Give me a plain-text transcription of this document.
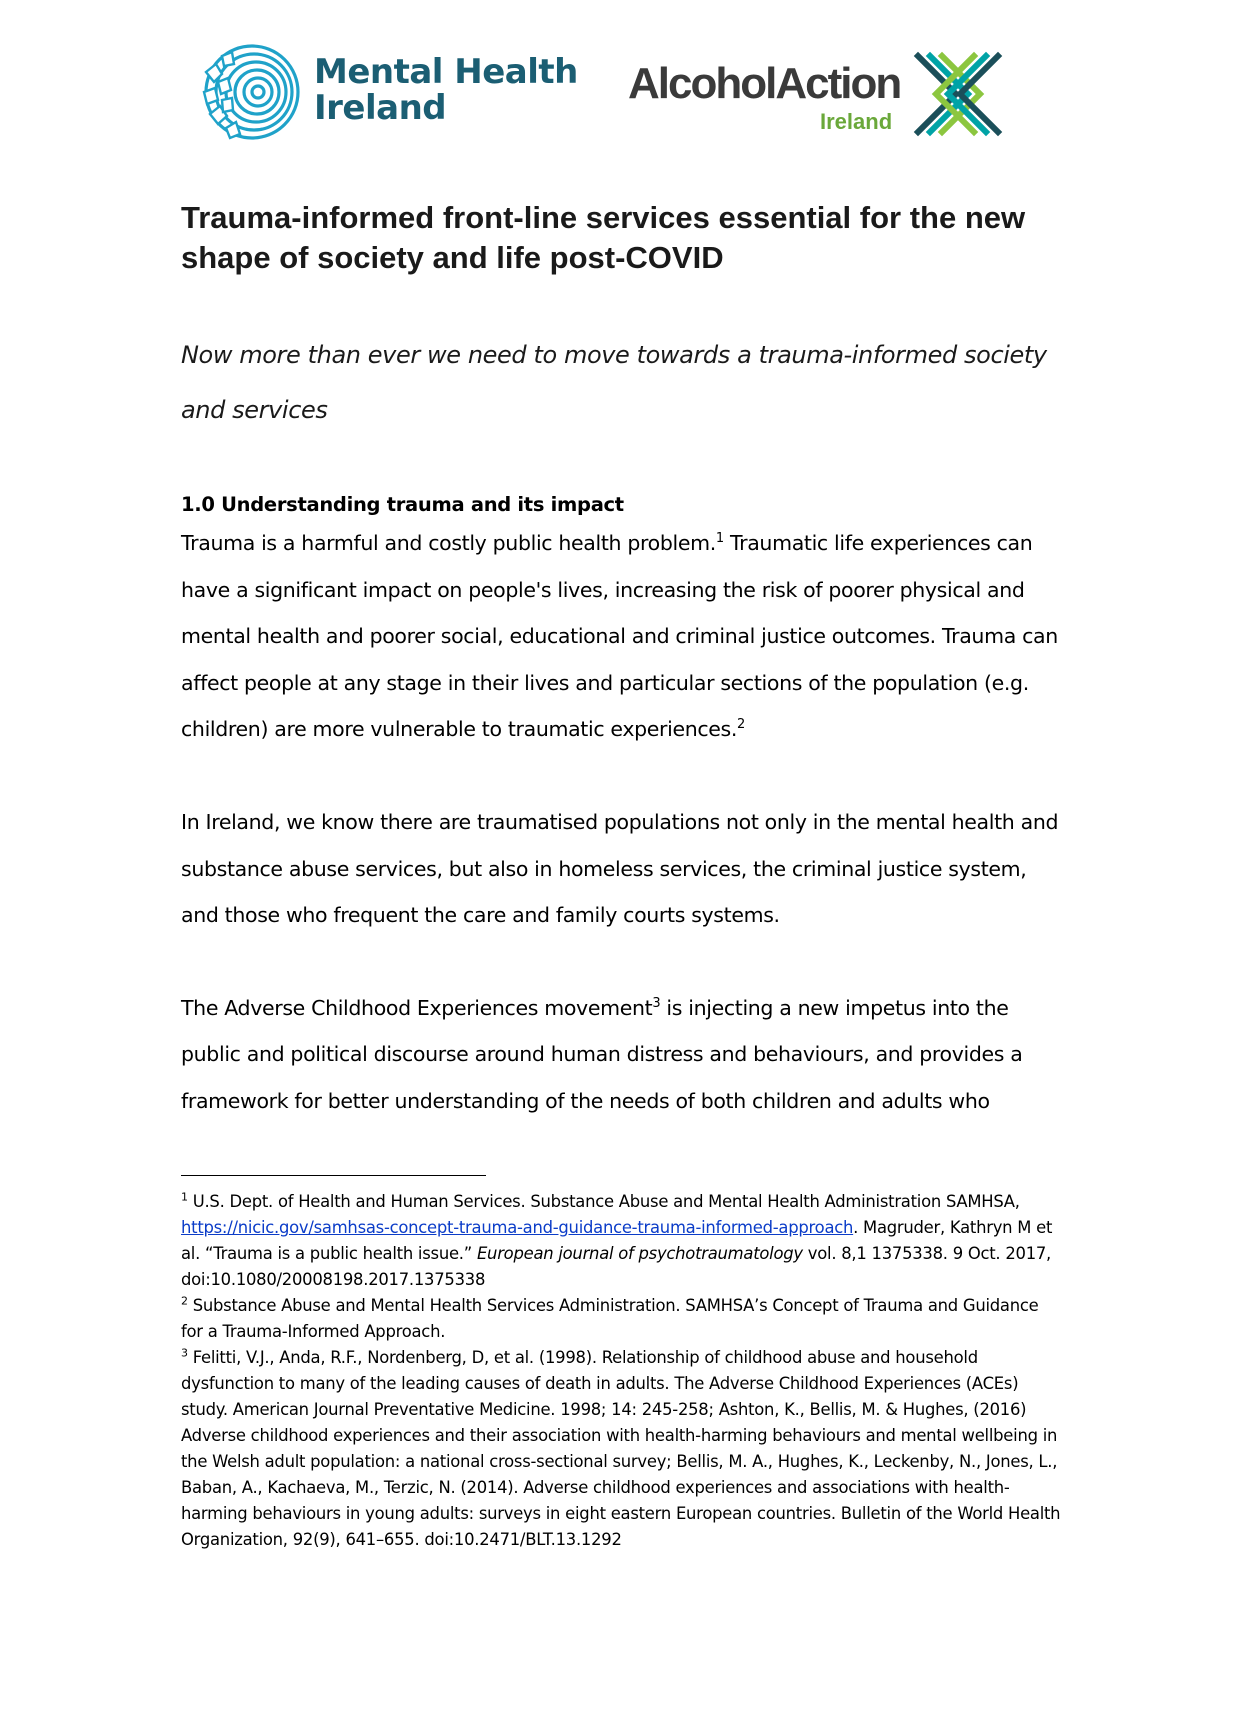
Mental Health
Ireland	AlcoholAction
Ireland
Trauma-informed front-line services essential for the new shape of society and life post-COVID
Now more than ever we need to move towards a trauma-informed society and services
1.0 Understanding trauma and its impact

Trauma is a harmful and costly public health problem.$^1$ Traumatic life experiences can have a significant impact on people's lives, increasing the risk of poorer physical and mental health and poorer social, educational and criminal justice outcomes. Trauma can affect people at any stage in their lives and particular sections of the population (e.g. children) are more vulnerable to traumatic experiences.$^2$

In Ireland, we know there are traumatised populations not only in the mental health and substance abuse services, but also in homeless services, the criminal justice system, and those who frequent the care and family courts systems.

The Adverse Childhood Experiences movement$^3$ is injecting a new impetus into the public and political discourse around human distress and behaviours, and provides a framework for better understanding of the needs of both children and adults who

$^1$ U.S. Dept. of Health and Human Services. Substance Abuse and Mental Health Administration SAMHSA, https://nicic.gov/samhsas-concept-trauma-and-guidance-trauma-informed-approach. Magruder, Kathryn M et al. “Trauma is a public health issue.” European journal of psychotraumatology vol. 8,1 1375338. 9 Oct. 2017, doi:10.1080/20008198.2017.1375338
$^2$ Substance Abuse and Mental Health Services Administration. SAMHSA’s Concept of Trauma and Guidance for a Trauma-Informed Approach.
$^3$ Felitti, V.J., Anda, R.F., Nordenberg, D, et al. (1998). Relationship of childhood abuse and household dysfunction to many of the leading causes of death in adults. The Adverse Childhood Experiences (ACEs) study. American Journal Preventative Medicine. 1998; 14: 245-258; Ashton, K., Bellis, M. & Hughes, (2016) Adverse childhood experiences and their association with health-harming behaviours and mental wellbeing in the Welsh adult population: a national cross-sectional survey; Bellis, M. A., Hughes, K., Leckenby, N., Jones, L., Baban, A., Kachaeva, M., Terzic, N. (2014). Adverse childhood experiences and associations with health-harming behaviours in young adults: surveys in eight eastern European countries. Bulletin of the World Health Organization, 92(9), 641–655. doi:10.2471/BLT.13.1292
